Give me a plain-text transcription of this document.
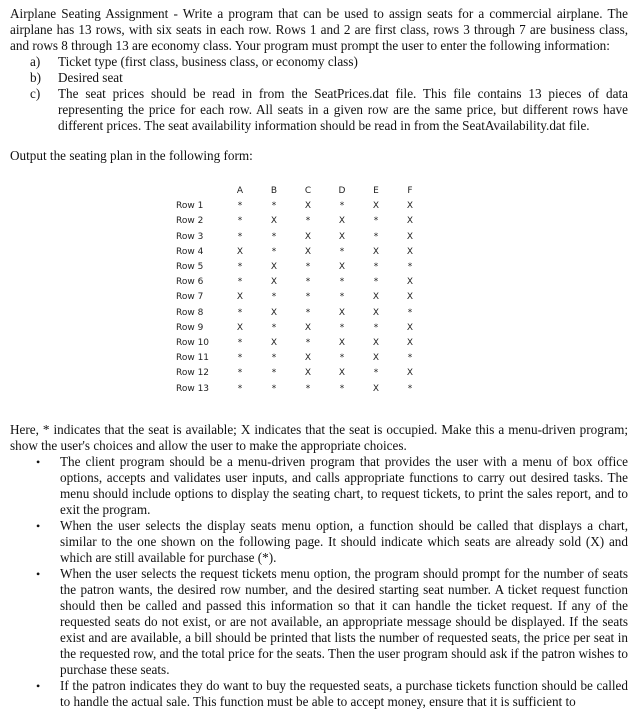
Airplane Seating Assignment - Write a program that can be used to assign seats for a commercial airplane. The airplane has 13 rows, with six seats in each row. Rows 1 and 2 are first class, rows 3 through 7 are business class, and rows 8 through 13 are economy class. Your program must prompt the user to enter the following information:

a) Ticket type (first class, business class, or economy class)
b) Desired seat
c) The seat prices should be read in from the SeatPrices.dat file. This file contains 13 pieces of data representing the price for each row. All seats in a given row are the same price, but different rows have different prices. The seat availability information should be read in from the SeatAvailability.dat file.

Output the seating plan in the following form:

	A	B	C	D	E	F
Row 1	*	*	X	*	X	X
Row 2	*	X	*	X	*	X
Row 3	*	*	X	X	*	X
Row 4	X	*	X	*	X	X
Row 5	*	X	*	X	*	*
Row 6	*	X	*	*	*	X
Row 7	X	*	*	*	X	X
Row 8	*	X	*	X	X	*
Row 9	X	*	X	*	*	X
Row 10	*	X	*	X	X	X
Row 11	*	*	X	*	X	*
Row 12	*	*	X	X	*	X
Row 13	*	*	*	*	X	*

Here, * indicates that the seat is available; X indicates that the seat is occupied. Make this a menu-driven program; show the user's choices and allow the user to make the appropriate choices.

• The client program should be a menu-driven program that provides the user with a menu of box office options, accepts and validates user inputs, and calls appropriate functions to carry out desired tasks. The menu should include options to display the seating chart, to request tickets, to print the sales report, and to exit the program.
• When the user selects the display seats menu option, a function should be called that displays a chart, similar to the one shown on the following page. It should indicate which seats are already sold (X) and which are still available for purchase (*).
• When the user selects the request tickets menu option, the program should prompt for the number of seats the patron wants, the desired row number, and the desired starting seat number. A ticket request function should then be called and passed this information so that it can handle the ticket request. If any of the requested seats do not exist, or are not available, an appropriate message should be displayed. If the seats exist and are available, a bill should be printed that lists the number of requested seats, the price per seat in the requested row, and the total price for the seats. Then the user program should ask if the patron wishes to purchase these seats.
• If the patron indicates they do want to buy the requested seats, a purchase tickets function should be called to handle the actual sale. This function must be able to accept money, ensure that it is sufficient to
